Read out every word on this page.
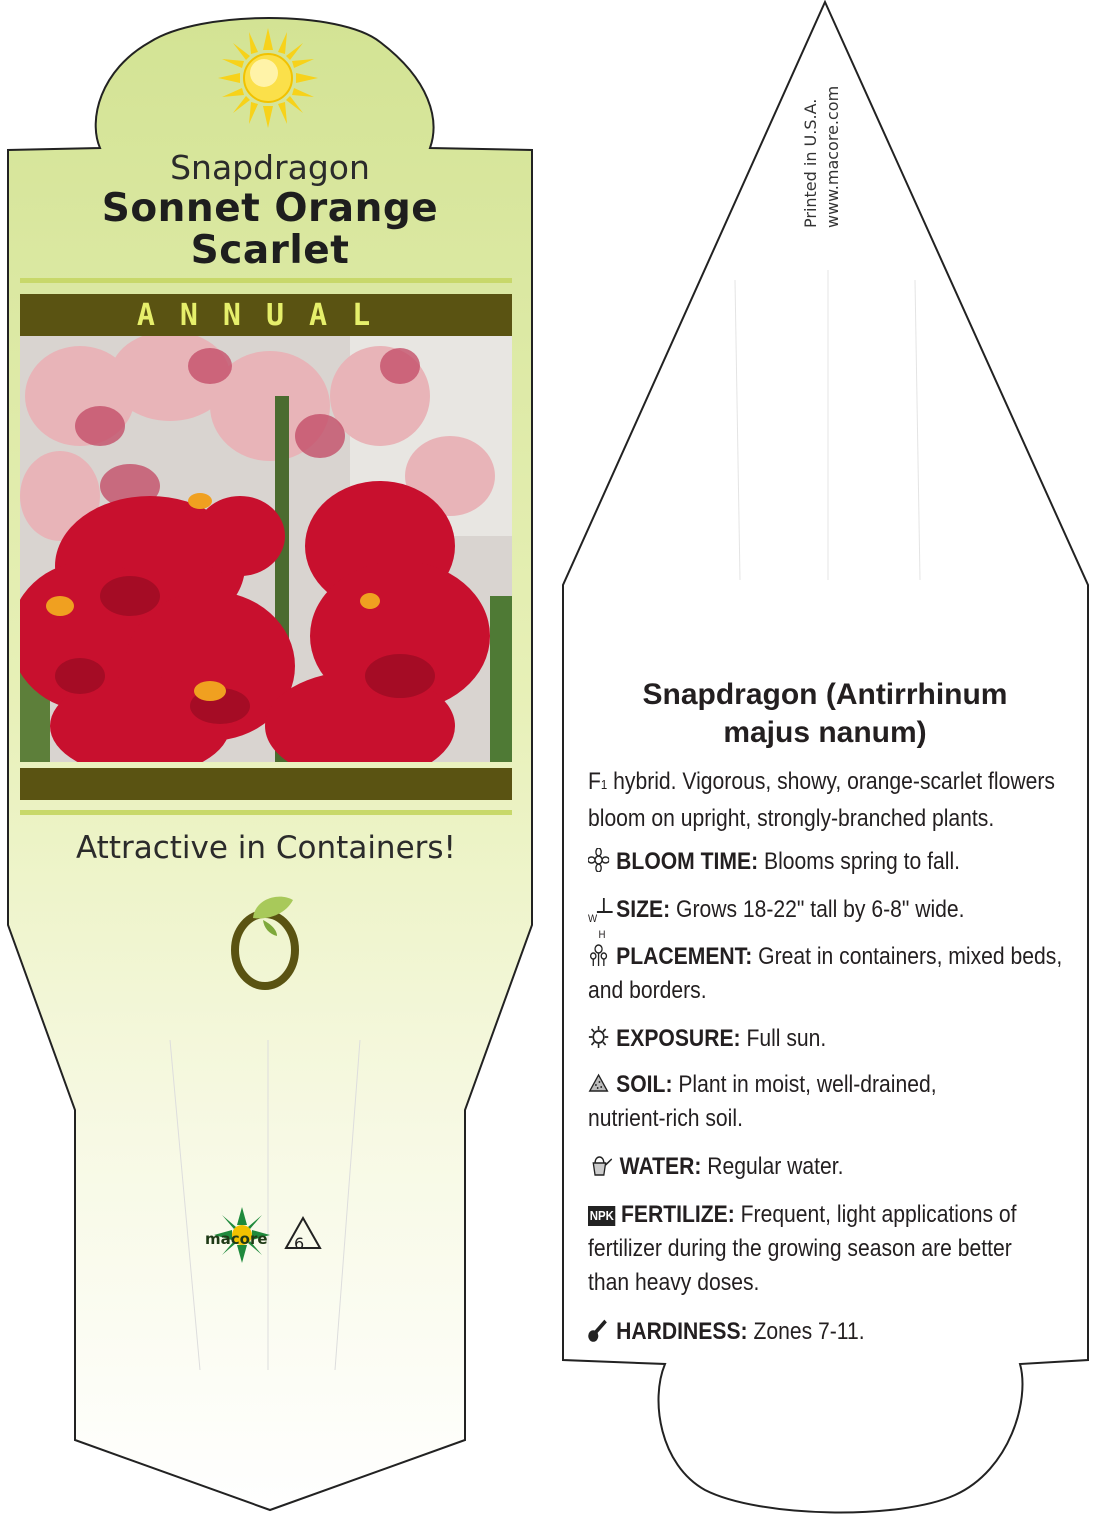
Snapdragon
Sonnet Orange
Scarlet
ANNUAL
Attractive in Containers!
macore 6
Printed in U.S.A. www.macore.com
Snapdragon (Antirrhinum
majus nanum)
F1 hybrid. Vigorous, showy, orange-scarlet flowers
bloom on upright, strongly-branched plants.
BLOOM TIME: Blooms spring to fall.
W
H
SIZE: Grows 18-22" tall by 6-8" wide.
PLACEMENT: Great in containers, mixed beds,
and borders.
EXPOSURE: Full sun.
SOIL: Plant in moist, well-drained,
nutrient-rich soil.
WATER: Regular water.
NPK FERTILIZE: Frequent, light applications of
fertilizer during the growing season are better
than heavy doses.
HARDINESS: Zones 7-11.
